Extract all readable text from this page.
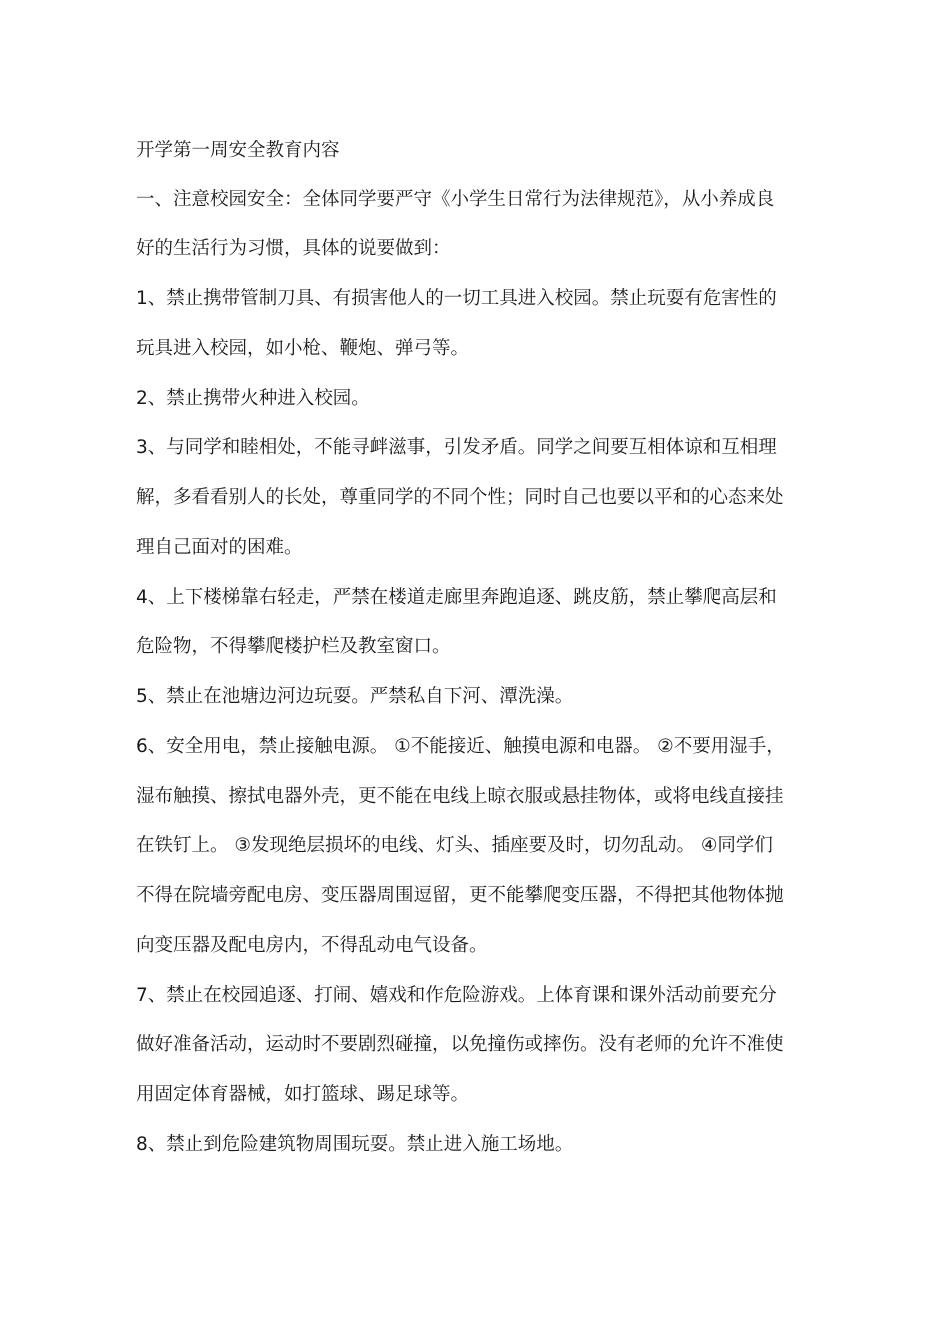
开学第一周安全教育内容
一、注意校园安全：全体同学要严守《小学生日常行为法律规范》，从小养成良
好的生活行为习惯，具体的说要做到：
1、禁止携带管制刀具、有损害他人的一切工具进入校园。禁止玩耍有危害性的
玩具进入校园，如小枪、鞭炮、弹弓等。
2、禁止携带火种进入校园。
3、与同学和睦相处，不能寻衅滋事，引发矛盾。同学之间要互相体谅和互相理
解，多看看别人的长处，尊重同学的不同个性；同时自己也要以平和的心态来处
理自己面对的困难。
4、上下楼梯靠右轻走，严禁在楼道走廊里奔跑追逐、跳皮筋，禁止攀爬高层和
危险物，不得攀爬楼护栏及教室窗口。
5、禁止在池塘边河边玩耍。严禁私自下河、潭洗澡。
6、安全用电，禁止接触电源。 ①不能接近、触摸电源和电器。 ②不要用湿手，
湿布触摸、擦拭电器外壳，更不能在电线上晾衣服或悬挂物体，或将电线直接挂
在铁钉上。 ③发现绝层损坏的电线、灯头、插座要及时，切勿乱动。 ④同学们
不得在院墙旁配电房、变压器周围逗留，更不能攀爬变压器，不得把其他物体抛
向变压器及配电房内，不得乱动电气设备。
7、禁止在校园追逐、打闹、嬉戏和作危险游戏。上体育课和课外活动前要充分
做好准备活动，运动时不要剧烈碰撞，以免撞伤或摔伤。没有老师的允许不准使
用固定体育器械，如打篮球、踢足球等。
8、禁止到危险建筑物周围玩耍。禁止进入施工场地。
